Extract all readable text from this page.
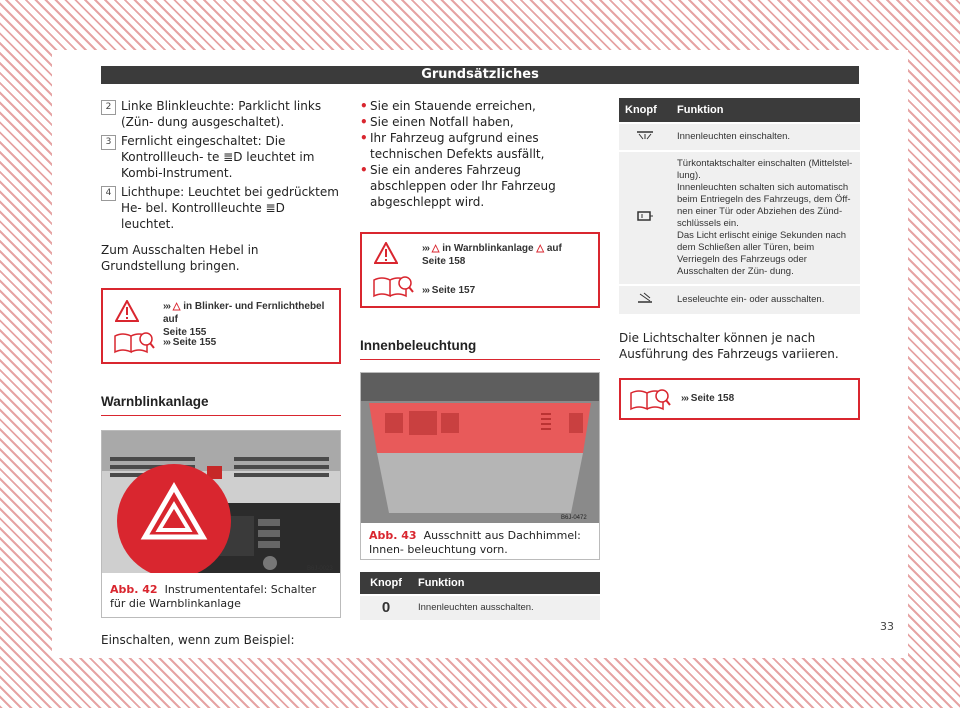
Grundsätzliches
2 Linke Blinkleuchte: Parklicht links (Zün- dung ausgeschaltet).
3 Fernlicht eingeschaltet: Die Kontrollleuch- te ≣D leuchtet im Kombi-Instrument.
4 Lichthupe: Leuchtet bei gedrücktem He- bel. Kontrollleuchte ≣D leuchtet.
Zum Ausschalten Hebel in Grundstellung bringen.
››› △ in Blinker- und Fernlichthebel auf
Seite 155
››› Seite 155
Warnblinkanlage
B6J-0023
Abb. 42 Instrumententafel: Schalter für die Warnblinkanlage
Einschalten, wenn zum Beispiel:
• Sie ein Stauende erreichen,
• Sie einen Notfall haben,
• Ihr Fahrzeug aufgrund eines technischen Defekts ausfällt,
• Sie ein anderes Fahrzeug abschleppen oder Ihr Fahrzeug abgeschleppt wird.
››› △ in Warnblinkanlage △ auf
Seite 158
››› Seite 157
Innenbeleuchtung
B6J-0472
Abb. 43 Ausschnitt aus Dachhimmel: Innen- beleuchtung vorn.
Knopf	Funktion
0	Innenleuchten ausschalten.
Knopf	Funktion
	Innenleuchten einschalten.
	Türkontaktschalter einschalten (Mittelstel- lung).
Innenleuchten schalten sich automatisch beim Entriegeln des Fahrzeugs, dem Öff- nen einer Tür oder Abziehen des Zünd- schlüssels ein.
Das Licht erlischt einige Sekunden nach dem Schließen aller Türen, beim Verriegeln des Fahrzeugs oder Ausschalten der Zün- dung.
	Leseleuchte ein- oder ausschalten.
Die Lichtschalter können je nach Ausführung des Fahrzeugs variieren.
››› Seite 158
33
